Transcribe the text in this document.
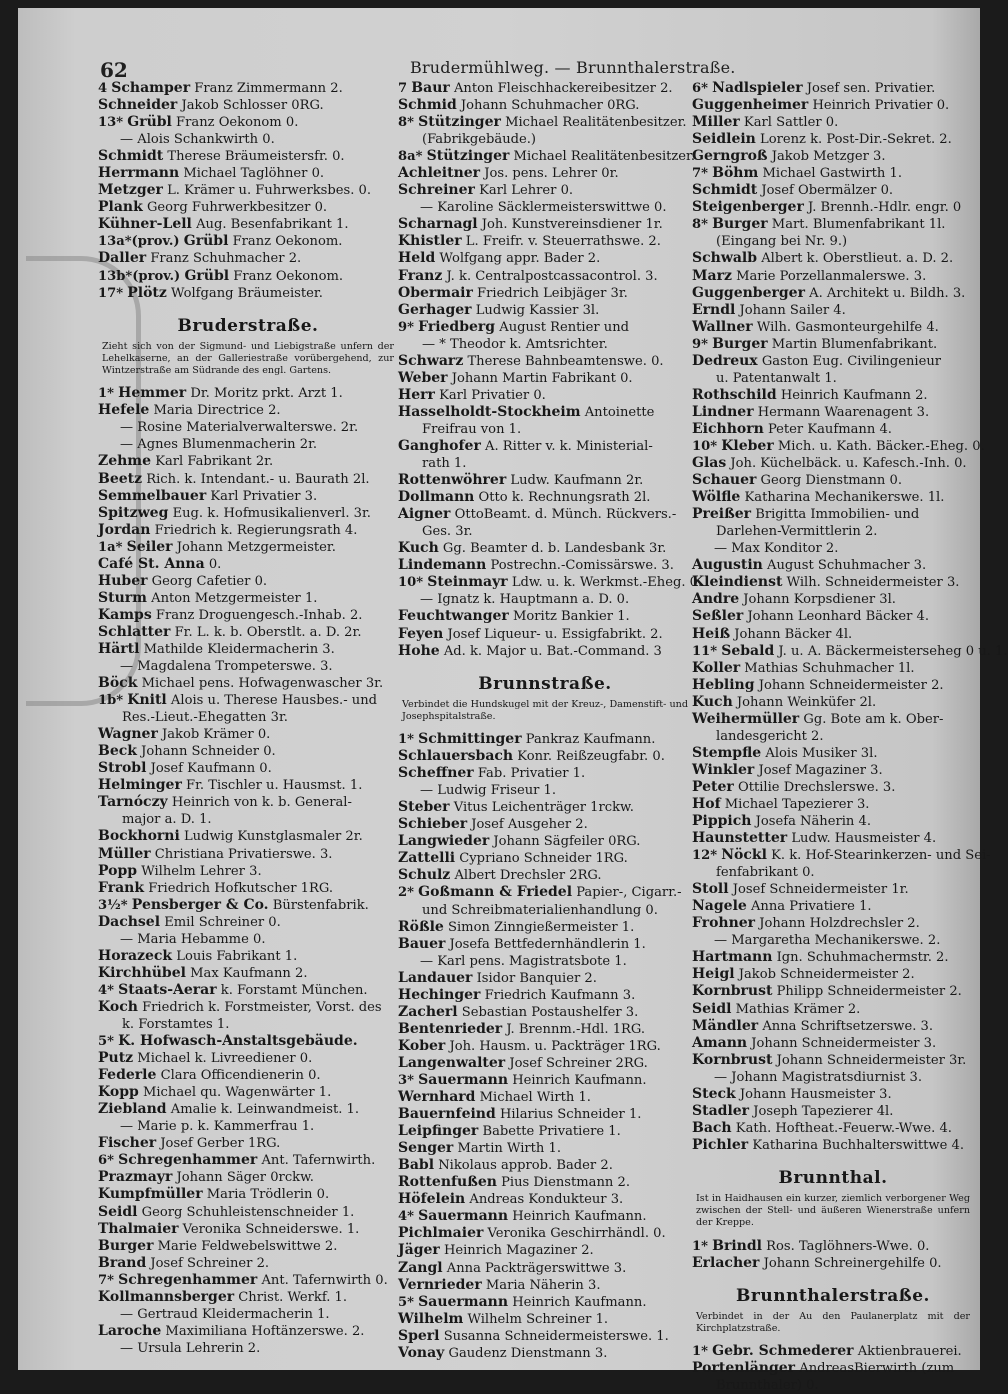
62	Brudermühlweg. — Brunnthalerstraße.
4 Schamper Franz Zimmermann 2.
Schneider Jakob Schlosser 0RG.
13* Grübl Franz Oekonom 0.
— Alois Schankwirth 0.
Schmidt Therese Bräumeistersfr. 0.
Herrmann Michael Taglöhner 0.
Metzger L. Krämer u. Fuhrwerksbes. 0.
Plank Georg Fuhrwerkbesitzer 0.
Kühner-Lell Aug. Besenfabrikant 1.
13a*(prov.) Grübl Franz Oekonom.
Daller Franz Schuhmacher 2.
13b*(prov.) Grübl Franz Oekonom.
17* Plötz Wolfgang Bräumeister.
Bruderstraße.
Zieht sich von der Sigmund- und Liebigstraße unfern der Lehelkaserne, an der Galleriestraße vorübergehend, zur Wintzerstraße am Südrande des engl. Gartens.
1* Hemmer Dr. Moritz prkt. Arzt 1.
Hefele Maria Directrice 2.
— Rosine Materialverwalterswe. 2r.
— Agnes Blumenmacherin 2r.
Zehme Karl Fabrikant 2r.
Beetz Rich. k. Intendant.- u. Baurath 2l.
Semmelbauer Karl Privatier 3.
Spitzweg Eug. k. Hofmusikalienverl. 3r.
Jordan Friedrich k. Regierungsrath 4.
1a* Seiler Johann Metzgermeister.
Café St. Anna 0.
Huber Georg Cafetier 0.
Sturm Anton Metzgermeister 1.
Kamps Franz Droguengesch.-Inhab. 2.
Schlatter Fr. L. k. b. Oberstlt. a. D. 2r.
Härtl Mathilde Kleidermacherin 3.
— Magdalena Trompeterswe. 3.
Böck Michael pens. Hofwagenwascher 3r.
1b* Knitl Alois u. Therese Hausbes.- und
Res.-Lieut.-Ehegatten 3r.
Wagner Jakob Krämer 0.
Beck Johann Schneider 0.
Strobl Josef Kaufmann 0.
Helminger Fr. Tischler u. Hausmst. 1.
Tarnóczy Heinrich von k. b. General-
major a. D. 1.
Bockhorni Ludwig Kunstglasmaler 2r.
Müller Christiana Privatierswe. 3.
Popp Wilhelm Lehrer 3.
Frank Friedrich Hofkutscher 1RG.
3½* Pensberger & Co. Bürstenfabrik.
Dachsel Emil Schreiner 0.
— Maria Hebamme 0.
Horazeck Louis Fabrikant 1.
Kirchhübel Max Kaufmann 2.
4* Staats-Aerar k. Forstamt München.
Koch Friedrich k. Forstmeister, Vorst. des
k. Forstamtes 1.
5* K. Hofwasch-Anstaltsgebäude.
Putz Michael k. Livreediener 0.
Federle Clara Officendienerin 0.
Kopp Michael qu. Wagenwärter 1.
Ziebland Amalie k. Leinwandmeist. 1.
— Marie p. k. Kammerfrau 1.
Fischer Josef Gerber 1RG.
6* Schregenhammer Ant. Tafernwirth.
Prazmayr Johann Säger 0rckw.
Kumpfmüller Maria Trödlerin 0.
Seidl Georg Schuhleistenschneider 1.
Thalmaier Veronika Schneiderswe. 1.
Burger Marie Feldwebelswittwe 2.
Brand Josef Schreiner 2.
7* Schregenhammer Ant. Tafernwirth 0.
Kollmannsberger Christ. Werkf. 1.
— Gertraud Kleidermacherin 1.
Laroche Maximiliana Hoftänzerswe. 2.
— Ursula Lehrerin 2.
7 Baur Anton Fleischhackereibesitzer 2.
Schmid Johann Schuhmacher 0RG.
8* Stützinger Michael Realitätenbesitzer.
(Fabrikgebäude.)
8a* Stützinger Michael Realitätenbesitzer.
Achleitner Jos. pens. Lehrer 0r.
Schreiner Karl Lehrer 0.
— Karoline Säcklermeisterswittwe 0.
Scharnagl Joh. Kunstvereinsdiener 1r.
Khistler L. Freifr. v. Steuerrathswe. 2.
Held Wolfgang appr. Bader 2.
Franz J. k. Centralpostcassacontrol. 3.
Obermair Friedrich Leibjäger 3r.
Gerhager Ludwig Kassier 3l.
9* Friedberg August Rentier und
— * Theodor k. Amtsrichter.
Schwarz Therese Bahnbeamtenswe. 0.
Weber Johann Martin Fabrikant 0.
Herr Karl Privatier 0.
Hasselholdt-Stockheim Antoinette
Freifrau von 1.
Ganghofer A. Ritter v. k. Ministerial-
rath 1.
Rottenwöhrer Ludw. Kaufmann 2r.
Dollmann Otto k. Rechnungsrath 2l.
Aigner OttoBeamt. d. Münch. Rückvers.-
Ges. 3r.
Kuch Gg. Beamter d. b. Landesbank 3r.
Lindemann Postrechn.-Comissärswe. 3.
10* Steinmayr Ldw. u. k. Werkmst.-Eheg. 0.
— Ignatz k. Hauptmann a. D. 0.
Feuchtwanger Moritz Bankier 1.
Feyen Josef Liqueur- u. Essigfabrikt. 2.
Hohe Ad. k. Major u. Bat.-Command. 3
Brunnstraße.
Verbindet die Hundskugel mit der Kreuz-, Damenstift- und Josephspitalstraße.
1* Schmittinger Pankraz Kaufmann.
Schlauersbach Konr. Reißzeugfabr. 0.
Scheffner Fab. Privatier 1.
— Ludwig Friseur 1.
Steber Vitus Leichenträger 1rckw.
Schieber Josef Ausgeher 2.
Langwieder Johann Sägfeiler 0RG.
Zattelli Cypriano Schneider 1RG.
Schulz Albert Drechsler 2RG.
2* Goßmann & Friedel Papier-, Cigarr.-
und Schreibmaterialienhandlung 0.
Rößle Simon Zinngießermeister 1.
Bauer Josefa Bettfedernhändlerin 1.
— Karl pens. Magistratsbote 1.
Landauer Isidor Banquier 2.
Hechinger Friedrich Kaufmann 3.
Zacherl Sebastian Postaushelfer 3.
Bentenrieder J. Brennm.-Hdl. 1RG.
Kober Joh. Hausm. u. Packträger 1RG.
Langenwalter Josef Schreiner 2RG.
3* Sauermann Heinrich Kaufmann.
Wernhard Michael Wirth 1.
Bauernfeind Hilarius Schneider 1.
Leipfinger Babette Privatiere 1.
Senger Martin Wirth 1.
Babl Nikolaus approb. Bader 2.
Rottenfußen Pius Dienstmann 2.
Höfelein Andreas Kondukteur 3.
4* Sauermann Heinrich Kaufmann.
Pichlmaier Veronika Geschirrhändl. 0.
Jäger Heinrich Magaziner 2.
Zangl Anna Packträgerswittwe 3.
Vernrieder Maria Näherin 3.
5* Sauermann Heinrich Kaufmann.
Wilhelm Wilhelm Schreiner 1.
Sperl Susanna Schneidermeisterswe. 1.
Vonay Gaudenz Dienstmann 3.
6* Nadlspieler Josef sen. Privatier.
Guggenheimer Heinrich Privatier 0.
Miller Karl Sattler 0.
Seidlein Lorenz k. Post-Dir.-Sekret. 2.
Gerngroß Jakob Metzger 3.
7* Böhm Michael Gastwirth 1.
Schmidt Josef Obermälzer 0.
Steigenberger J. Brennh.-Hdlr. engr. 0
8* Burger Mart. Blumenfabrikant 1l.
(Eingang bei Nr. 9.)
Schwalb Albert k. Oberstlieut. a. D. 2.
Marz Marie Porzellanmalerswe. 3.
Guggenberger A. Architekt u. Bildh. 3.
Erndl Johann Sailer 4.
Wallner Wilh. Gasmonteurgehilfe 4.
9* Burger Martin Blumenfabrikant.
Dedreux Gaston Eug. Civilingenieur
u. Patentanwalt 1.
Rothschild Heinrich Kaufmann 2.
Lindner Hermann Waarenagent 3.
Eichhorn Peter Kaufmann 4.
10* Kleber Mich. u. Kath. Bäcker.-Eheg. 0.
Glas Joh. Küchelbäck. u. Kafesch.-Inh. 0.
Schauer Georg Dienstmann 0.
Wölfle Katharina Mechanikerswe. 1l.
Preißer Brigitta Immobilien- und
Darlehen-Vermittlerin 2.
— Max Konditor 2.
Augustin August Schuhmacher 3.
Kleindienst Wilh. Schneidermeister 3.
Andre Johann Korpsdiener 3l.
Seßler Johann Leonhard Bäcker 4.
Heiß Johann Bäcker 4l.
11* Sebald J. u. A. Bäckermeisterseheg 0 u. 1.
Koller Mathias Schuhmacher 1l.
Hebling Johann Schneidermeister 2.
Kuch Johann Weinküfer 2l.
Weihermüller Gg. Bote am k. Ober-
landesgericht 2.
Stempfle Alois Musiker 3l.
Winkler Josef Magaziner 3.
Peter Ottilie Drechslerswe. 3.
Hof Michael Tapezierer 3.
Pippich Josefa Näherin 4.
Haunstetter Ludw. Hausmeister 4.
12* Nöckl K. k. Hof-Stearinkerzen- und Sei-
fenfabrikant 0.
Stoll Josef Schneidermeister 1r.
Nagele Anna Privatiere 1.
Frohner Johann Holzdrechsler 2.
— Margaretha Mechanikerswe. 2.
Hartmann Ign. Schuhmachermstr. 2.
Heigl Jakob Schneidermeister 2.
Kornbrust Philipp Schneidermeister 2.
Seidl Mathias Krämer 2.
Mändler Anna Schriftsetzerswe. 3.
Amann Johann Schneidermeister 3.
Kornbrust Johann Schneidermeister 3r.
— Johann Magistratsdiurnist 3.
Steck Johann Hausmeister 3.
Stadler Joseph Tapezierer 4l.
Bach Kath. Hoftheat.-Feuerw.-Wwe. 4.
Pichler Katharina Buchhalterswittwe 4.
Brunnthal.
Ist in Haidhausen ein kurzer, ziemlich verborgener Weg zwischen der Stell- und äußeren Wienerstraße unfern der Kreppe.
1* Brindl Ros. Taglöhners-Wwe. 0.
Erlacher Johann Schreinergehilfe 0.
Brunnthalerstraße.
Verbindet in der Au den Paulanerplatz mit der Kirchplatzstraße.
1* Gebr. Schmederer Aktienbrauerei.
Portenlänger AndreasBierwirth (zum
Brunnthaler) 0.
